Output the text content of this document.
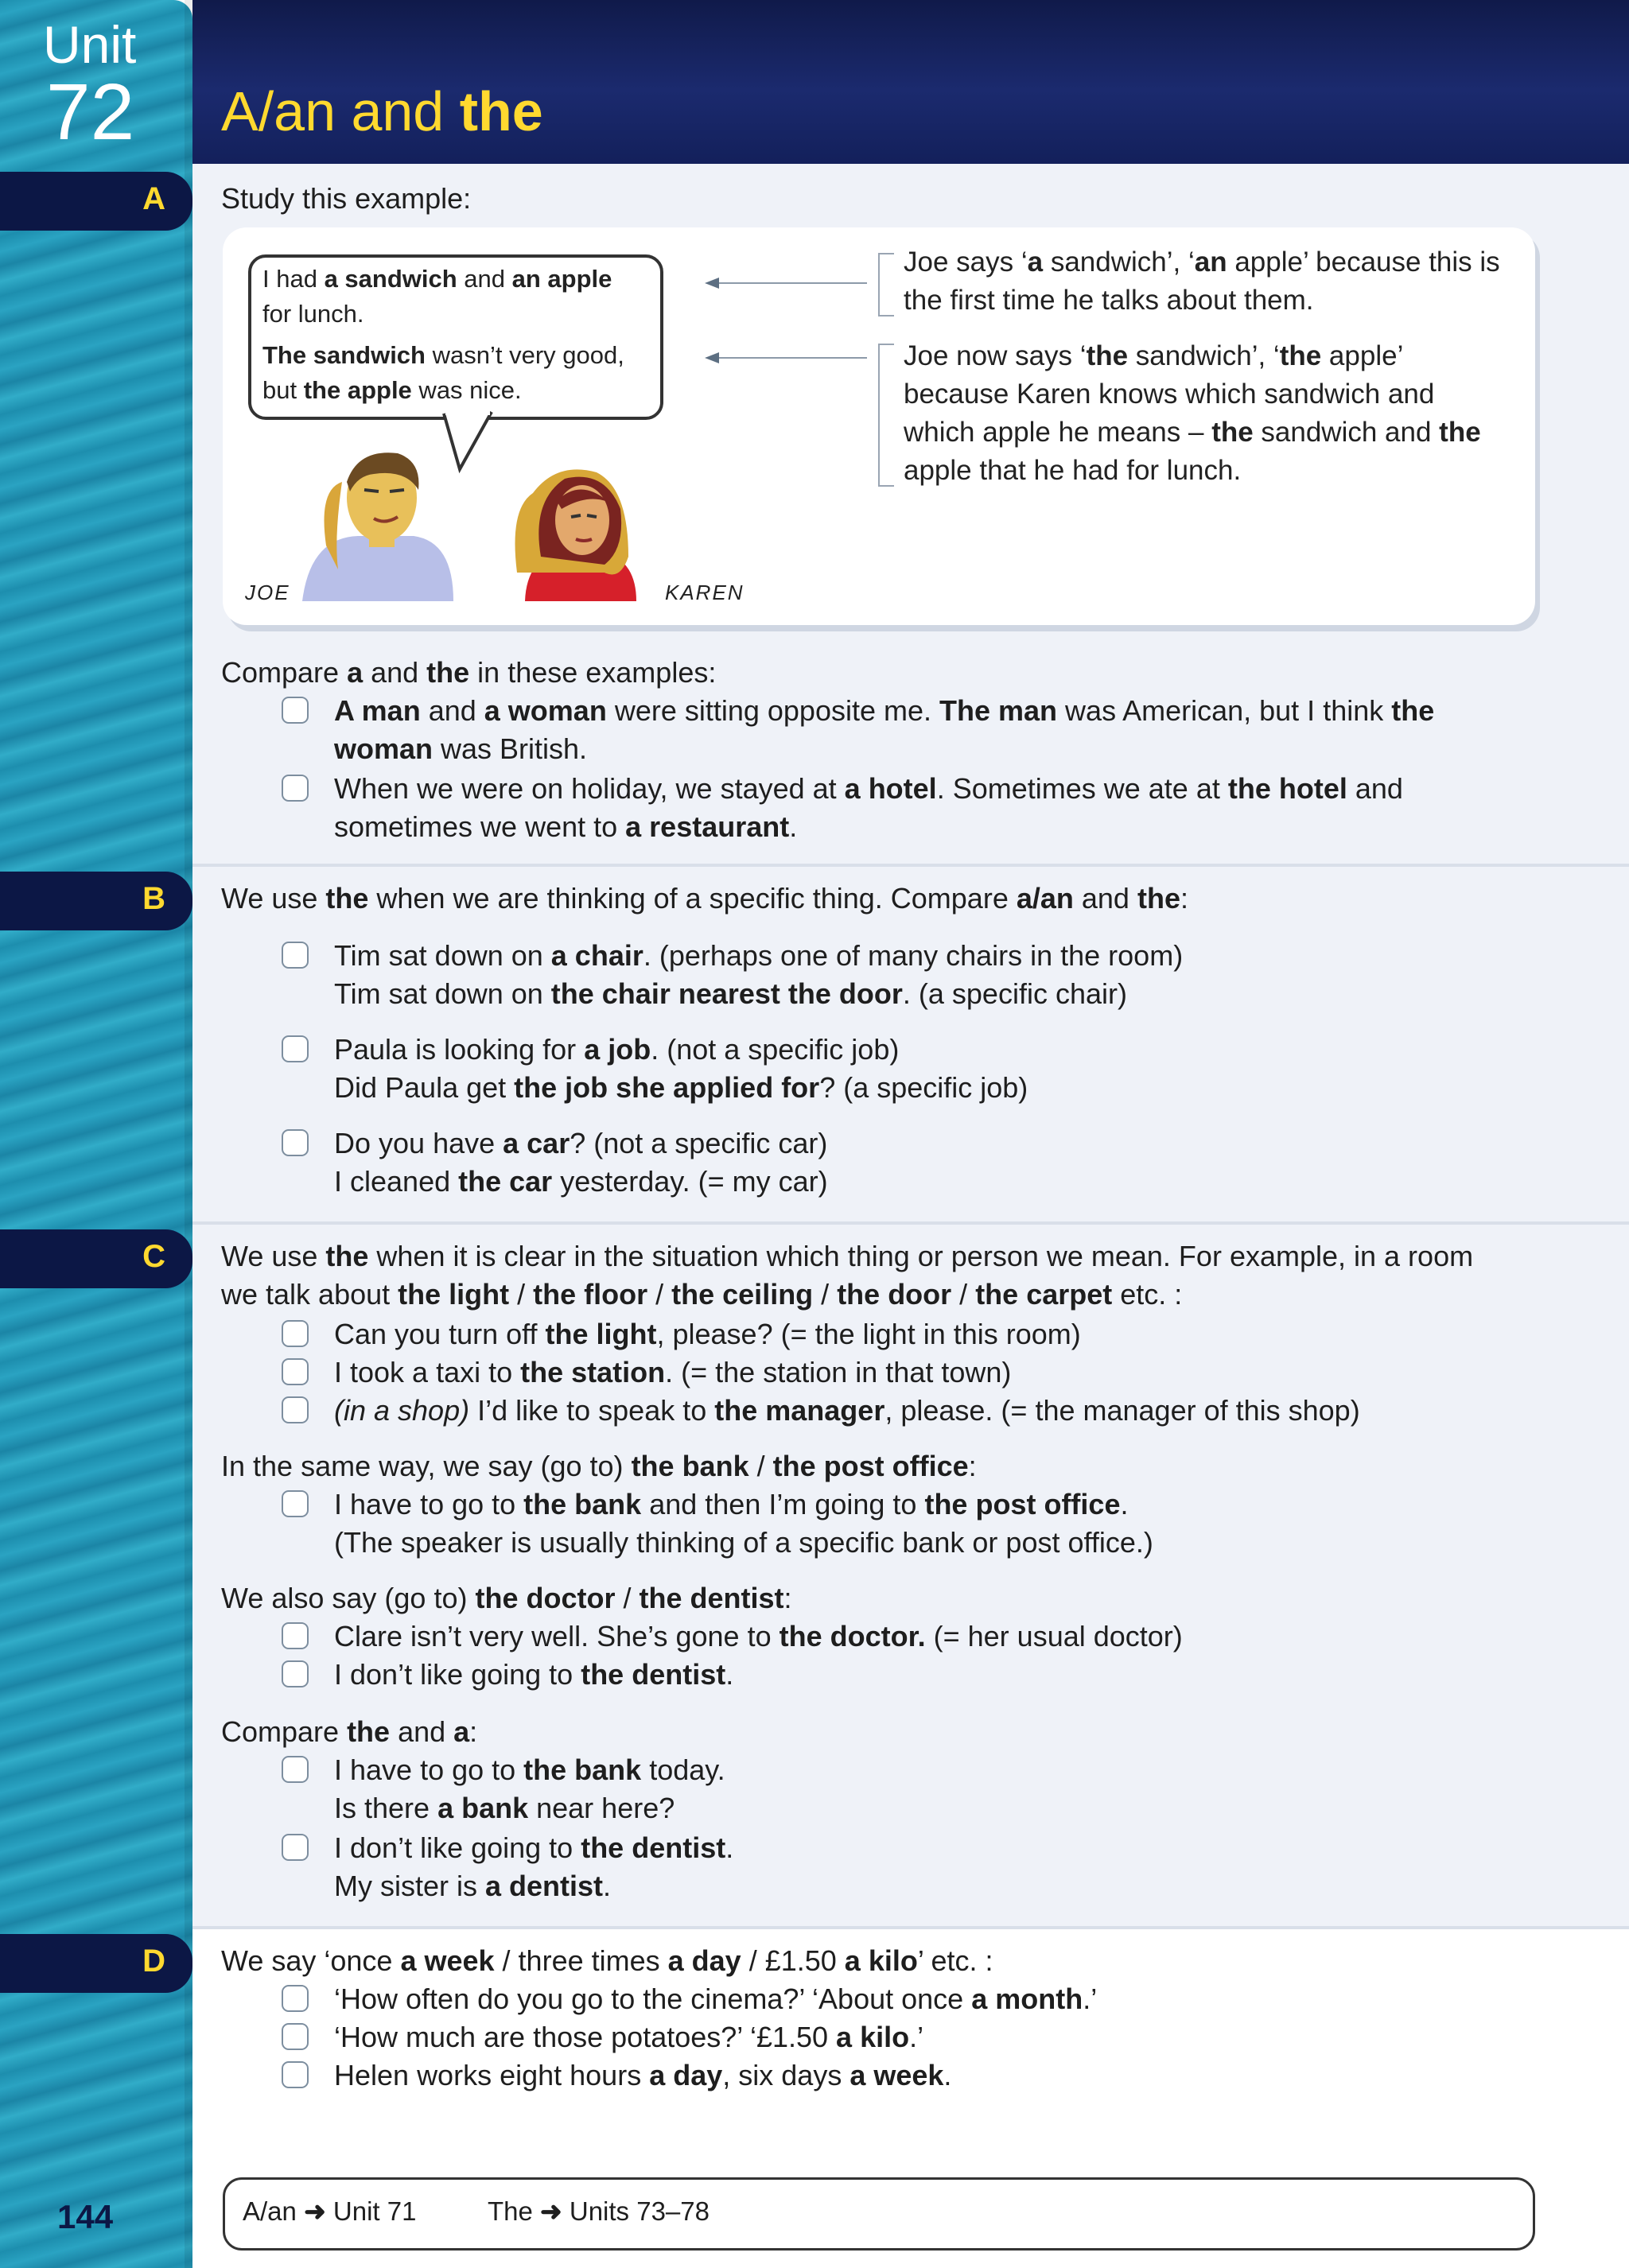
Unit
72 A/an and the
A Study this example:
I had a sandwich and an apple
for lunch.
The sandwich wasn’t very good,
but the apple was nice.
JOE	KAREN
Joe says ‘a sandwich’, ‘an apple’ because this is
the first time he talks about them.
Joe now says ‘the sandwich’, ‘the apple’
because Karen knows which sandwich and
which apple he means – the sandwich and the
apple that he had for lunch.
Compare a and the in these examples:
A man and a woman were sitting opposite me. The man was American, but I think the
woman was British.
When we were on holiday, we stayed at a hotel. Sometimes we ate at the hotel and
sometimes we went to a restaurant.
B We use the when we are thinking of a specific thing. Compare a/an and the:
Tim sat down on a chair. (perhaps one of many chairs in the room)
Tim sat down on the chair nearest the door. (a specific chair)
Paula is looking for a job. (not a specific job)
Did Paula get the job she applied for? (a specific job)
Do you have a car? (not a specific car)
I cleaned the car yesterday. (= my car)
C We use the when it is clear in the situation which thing or person we mean. For example, in a room
we talk about the light / the floor / the ceiling / the door / the carpet etc. :
Can you turn off the light, please? (= the light in this room)
I took a taxi to the station. (= the station in that town)
(in a shop) I’d like to speak to the manager, please. (= the manager of this shop)
In the same way, we say (go to) the bank / the post office:
I have to go to the bank and then I’m going to the post office.
(The speaker is usually thinking of a specific bank or post office.)
We also say (go to) the doctor / the dentist:
Clare isn’t very well. She’s gone to the doctor. (= her usual doctor)
I don’t like going to the dentist.
Compare the and a:
I have to go to the bank today.
Is there a bank near here?
I don’t like going to the dentist.
My sister is a dentist.
D We say ‘once a week / three times a day / £1.50 a kilo’ etc. :
‘How often do you go to the cinema?’ ‘About once a month.’
‘How much are those potatoes?’ ‘£1.50 a kilo.’
Helen works eight hours a day, six days a week.
144	A/an ➜ Unit 71	The ➜ Units 73–78
